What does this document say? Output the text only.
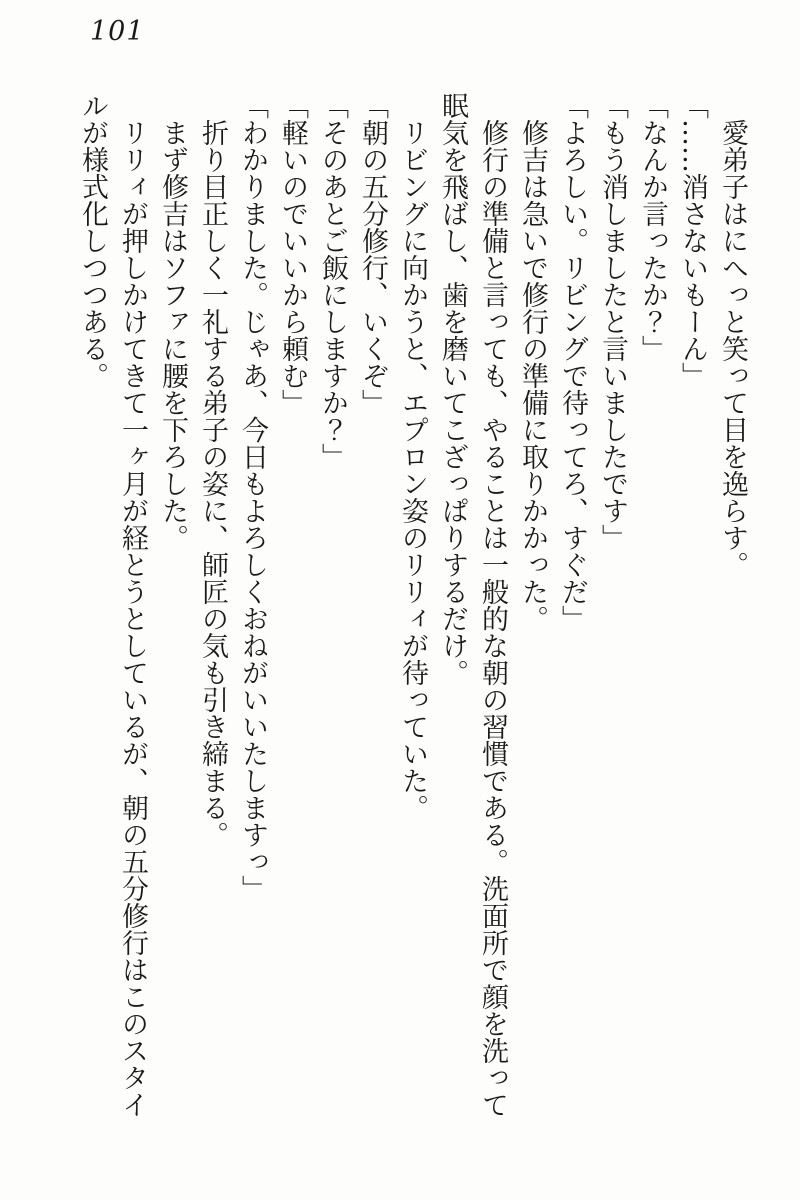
101

愛弟子はにへっと笑って目を逸らす。

「……消さないもーん」

「なんか言ったか？」

「もう消しましたと言いましたです」

「よろしい。リビングで待ってろ、すぐだ」

修吉は急いで修行の準備に取りかかった。

修行の準備と言っても、やることは一般的な朝の習慣である。洗面所で顔を洗って眠気を飛ばし、歯を磨いてこざっぱりするだけ。

リビングに向かうと、エプロン姿のリリィが待っていた。

「朝の五分修行、いくぞ」

「そのあとご飯にしますか？」

「軽いのでいいから頼む」

「わかりました。じゃあ、今日もよろしくおねがいいたしますっ」

折り目正しく一礼する弟子の姿に、師匠の気も引き締まる。

まず修吉はソファに腰を下ろした。

リリィが押しかけてきて一ヶ月が経とうとしているが、朝の五分修行はこのスタイルが様式化しつつある。
